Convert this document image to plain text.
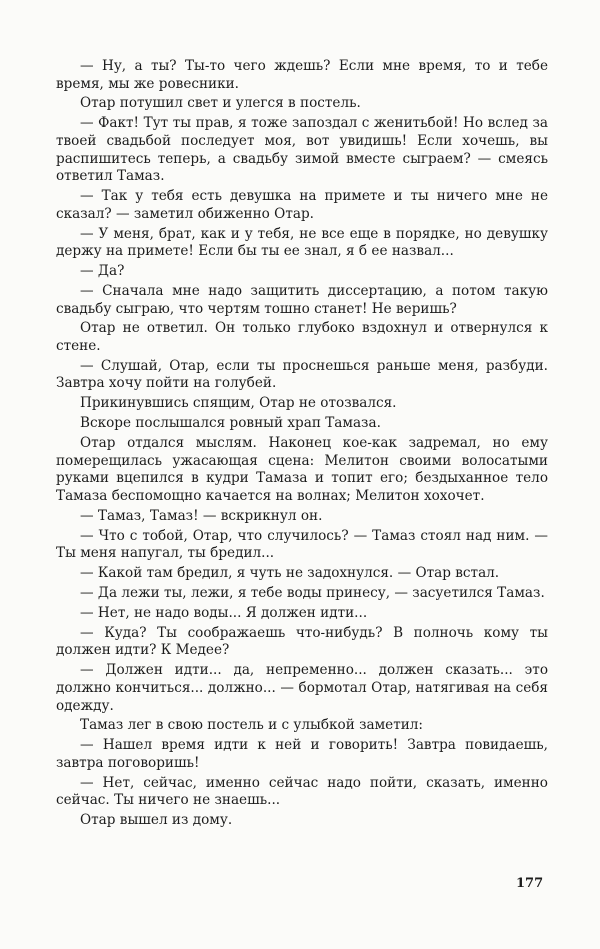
— Ну, а ты? Ты-то чего ждешь? Если мне время, то и тебе время, мы же ровесники.

Отар потушил свет и улегся в постель.

— Факт! Тут ты прав, я тоже запоздал с женитьбой! Но вслед за твоей свадьбой последует моя, вот увидишь! Если хочешь, вы распишитесь теперь, а свадьбу зимой вместе сыграем? — смеясь ответил Тамаз.

— Так у тебя есть девушка на примете и ты ничего мне не сказал? — заметил обиженно Отар.

— У меня, брат, как и у тебя, не все еще в порядке, но девушку держу на примете! Если бы ты ее знал, я б ее назвал...

— Да?

— Сначала мне надо защитить диссертацию, а потом такую свадьбу сыграю, что чертям тошно станет! Не веришь?

Отар не ответил. Он только глубоко вздохнул и отвернулся к стене.

— Слушай, Отар, если ты проснешься раньше меня, разбуди. Завтра хочу пойти на голубей.

Прикинувшись спящим, Отар не отозвался.

Вскоре послышался ровный храп Тамаза.

Отар отдался мыслям. Наконец кое-как задремал, но ему померещилась ужасающая сцена: Мелитон своими волосатыми руками вцепился в кудри Тамаза и топит его; бездыханное тело Тамаза беспомощно качается на волнах; Мелитон хохочет.

— Тамаз, Тамаз! — вскрикнул он.

— Что с тобой, Отар, что случилось? — Тамаз стоял над ним. — Ты меня напугал, ты бредил...

— Какой там бредил, я чуть не задохнулся. — Отар встал.

— Да лежи ты, лежи, я тебе воды принесу, — засуетился Тамаз.

— Нет, не надо воды... Я должен идти...

— Куда? Ты соображаешь что-нибудь? В полночь кому ты должен идти? К Медее?

— Должен идти... да, непременно... должен сказать... это должно кончиться... должно... — бормотал Отар, натягивая на себя одежду.

Тамаз лег в свою постель и с улыбкой заметил:

— Нашел время идти к ней и говорить! Завтра повидаешь, завтра поговоришь!

— Нет, сейчас, именно сейчас надо пойти, сказать, именно сейчас. Ты ничего не знаешь...

Отар вышел из дому.

177
